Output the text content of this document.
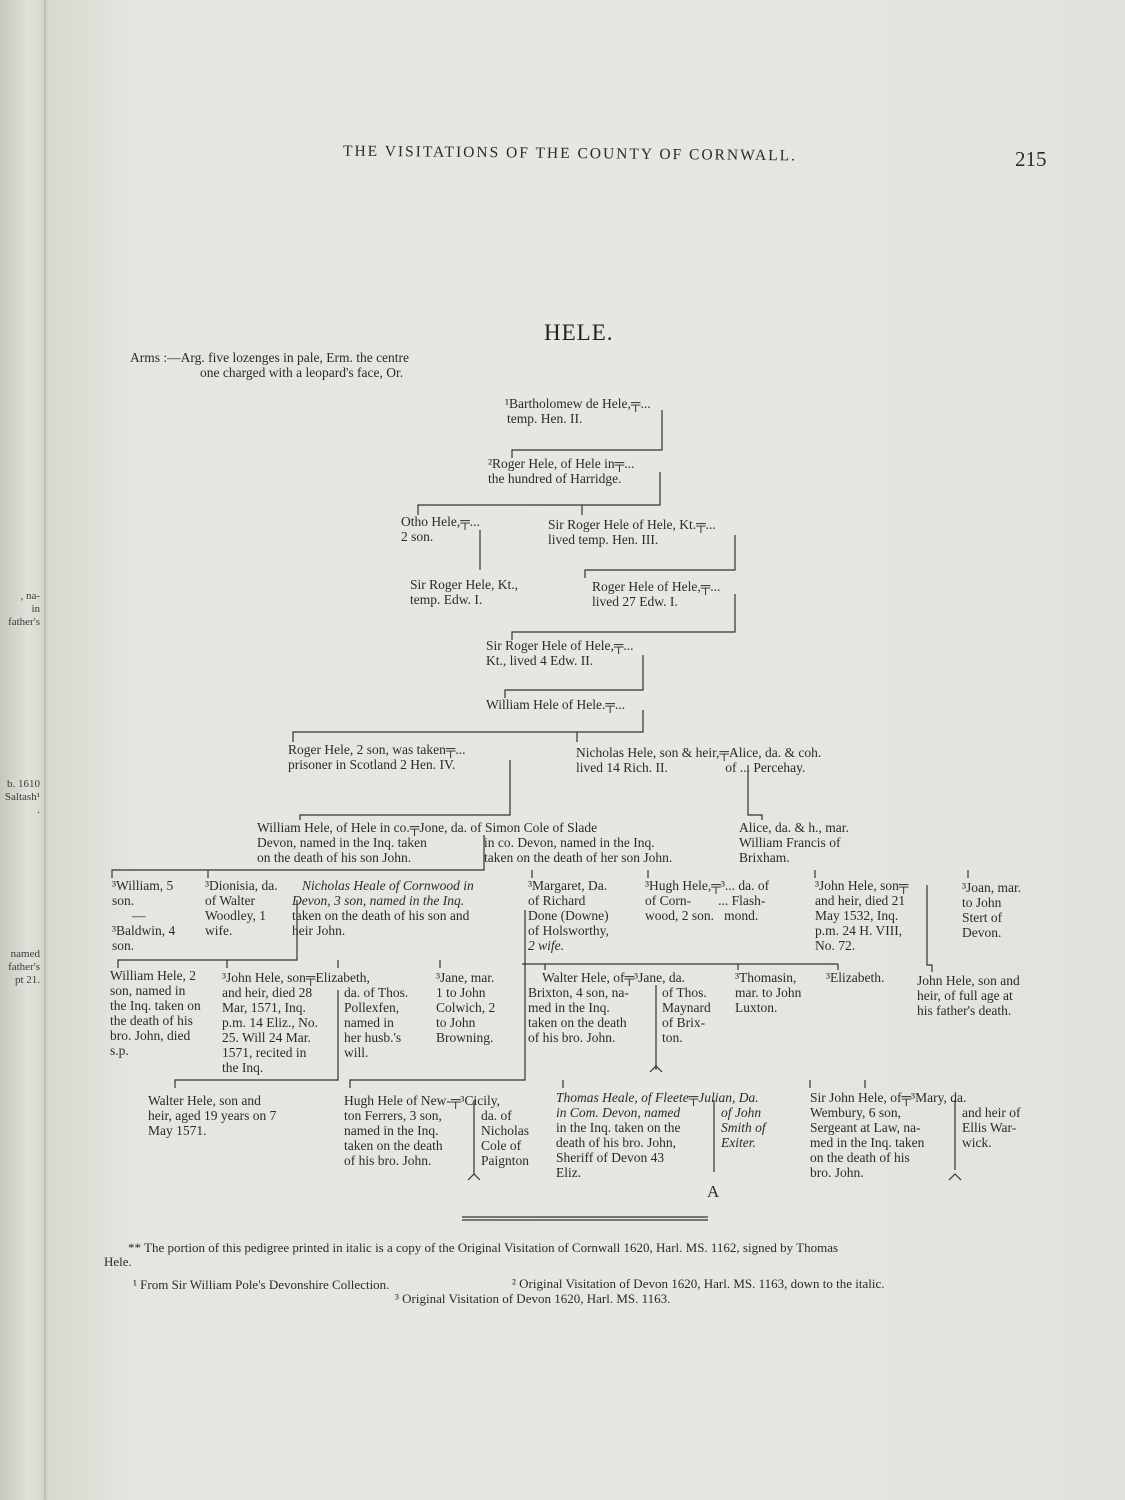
, na-
in
father's
b. 1610
Saltash¹
.
named
father's
pt 21.
THE VISITATIONS OF THE COUNTY OF CORNWALL.	215
HELE.
Arms :—Arg. five lozenges in pale, Erm. the centre
one charged with a leopard's face, Or.
A
¹Bartholomew de Hele,╤...
temp. Hen. II.
²Roger Hele, of Hele in╤...
the hundred of Harridge.
Otho Hele,╤...
2 son.
Sir Roger Hele of Hele, Kt.╤...
lived temp. Hen. III.
Sir Roger Hele, Kt.,
temp. Edw. I.
Roger Hele of Hele,╤...
lived 27 Edw. I.
Sir Roger Hele of Hele,╤...
Kt., lived 4 Edw. II.
William Hele of Hele.╤...
Roger Hele, 2 son, was taken╤...
prisoner in Scotland 2 Hen. IV.
Nicholas Hele, son & heir,╤Alice, da. & coh.
lived 14 Rich. II.                 of ... Percehay.
William Hele, of Hele in co.╤Jone, da. of Simon Cole of Slade
Devon, named in the Inq. taken
on the death of his son John.
in co. Devon, named in the Inq.
taken on the death of her son John.
Alice, da. & h., mar.
William Francis of
Brixham.
³William, 5
son.
—
³Baldwin, 4
son.
³Dionisia, da.
of Walter
Woodley, 1
wife.
Nicholas Heale of Cornwood in
Devon, 3 son, named in the Inq.
taken on the death of his son and
heir John.
³Margaret, Da.
of Richard
Done (Downe)
of Holsworthy,
2 wife.
³Hugh Hele,╤³... da. of
of Corn-        ... Flash-
wood, 2 son.   mond.
³John Hele, son╤
and heir, died 21
May 1532, Inq.
p.m. 24 H. VIII,
No. 72.
³Joan, mar.
to John
Stert of
Devon.
William Hele, 2
son, named in
the Inq. taken on
the death of his
bro. John, died
s.p.
³John Hele, son╤Elizabeth,
and heir, died 28
Mar, 1571, Inq.
p.m. 14 Eliz., No.
25. Will 24 Mar.
1571, recited in
the Inq.
da. of Thos.
Pollexfen,
named in
her husb.'s
will.
³Jane, mar.
1 to John
Colwich, 2
to John
Browning.
Walter Hele, of╤³Jane, da.
Brixton, 4 son, na-
med in the Inq.
taken on the death
of his bro. John.
of Thos.
Maynard
of Brix-
ton.
³Thomasin,
mar. to John
Luxton.
³Elizabeth. John Hele, son and
heir, of full age at
his father's death.
Walter Hele, son and
heir, aged 19 years on 7
May 1571.
Hugh Hele of New-╤³Cicily,
ton Ferrers, 3 son,
named in the Inq.
taken on the death
of his bro. John.
da. of
Nicholas
Cole of
Paignton
Thomas Heale, of Fleete╤Julian, Da.
in Com. Devon, named
in the Inq. taken on the
death of his bro. John,
Sheriff of Devon 43
Eliz.
of John
Smith of
Exiter.
Sir John Hele, of╤³Mary, da.
Wembury, 6 son,
Sergeant at Law, na-
med in the Inq. taken
on the death of his
bro. John.
and heir of
Ellis War-
wick.
** The portion of this pedigree printed in italic is a copy of the Original Visitation of Cornwall 1620, Harl. MS. 1162, signed by Thomas
Hele.
¹ From Sir William Pole's Devonshire Collection.	² Original Visitation of Devon 1620, Harl. MS. 1163, down to the italic.
³ Original Visitation of Devon 1620, Harl. MS. 1163.
